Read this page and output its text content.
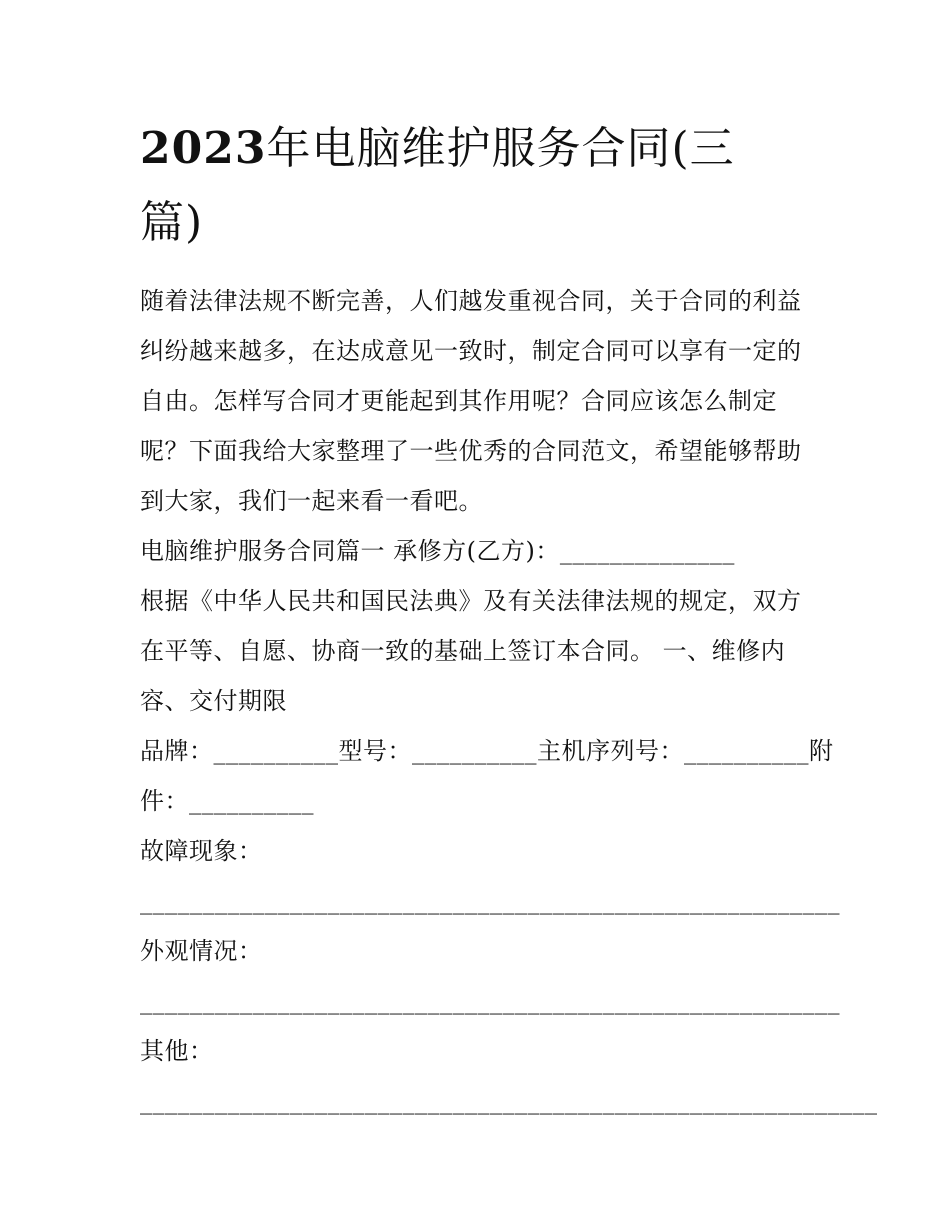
2023年电脑维护服务合同(三
篇)
随着法律法规不断完善，人们越发重视合同，关于合同的利益
纠纷越来越多，在达成意见一致时，制定合同可以享有一定的
自由。怎样写合同才更能起到其作用呢？合同应该怎么制定
呢？下面我给大家整理了一些优秀的合同范文，希望能够帮助
到大家，我们一起来看一看吧。
电脑维护服务合同篇一 承修方(乙方)：______________
根据《中华人民共和国民法典》及有关法律法规的规定，双方
在平等、自愿、协商一致的基础上签订本合同。 一、维修内
容、交付期限
品牌：__________型号：__________主机序列号：__________附
件：__________
故障现象：
________________________________________________________
外观情况：
________________________________________________________
其他：
___________________________________________________________
